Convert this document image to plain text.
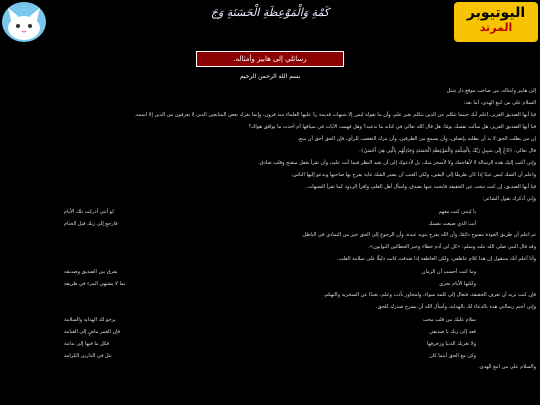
كَمْةِ وَالْمَوْعِظَةِ الْحَسَنَةِ وَجَ	اليوتيوبر
المرتد
رسائلي إلى هابيز وأمثاله.
بسم الله الرحمن الرحيم

إلى هابيز وأمثاله، من صاحب موقع دار شئل

السلام على من اتبع الهدى، أما بعد:

فيا أيها الصديق العزيز، اعلم أنك حينما تتكلم عن الدين تتكلم بغير علم، وأن ما تقوله ليس إلا شبهات قديمة ردّ عليها العلماء منذ قرون، وإنما يغرك بعض المتابعين الذين لا يعرفون من الدين إلا اسمه.

فيا أيها الصديق العزيز، هل سألت نفسك يومًا: هل قال الله تعالى في كتابه ما تدعيه؟ وهل فهمت الآيات في سياقها أم أخذت ما يوافق هواك؟

إن من يطلب الحق لا بد أن يطلبه بإنصاف، وأن يسمع من الطرفين، وأن يترك التعصب للرأي، فإن الحق أحق أن يتبع.

قال تعالى: ﴿ادْعُ إِلَى سَبِيلِ رَبِّكَ بِالْحِكْمَةِ وَالْمَوْعِظَةِ الْحَسَنَةِ وَجَادِلْهُم بِالَّتِي هِيَ أَحْسَنُ﴾.

وإني أكتب إليك هذه الرسالة لا لأهاجمك ولا لأسخر منك، بل لأدعوك إلى أن تعيد النظر فيما أنت عليه، وأن تقرأ بعقل منفتح وقلب صادق.

واعلم أن الشك ليس عيبًا إذا كان طريقًا إلى اليقين، ولكن العيب أن يصير الشك غاية يفرح بها صاحبها ويدعو إليها الناس.

فيا أيها الصديق، إن كنت تبحث عن الحقيقة فابحث عنها بصدق، واسأل أهل العلم، واقرأ الردود كما تقرأ الشبهات.

وإني أذكرك بقول الشاعر:

يا ليتني كنت معهم
لو أنني أدركت تلك الأيام
أنت الذي ضيعت نفسك
فارجع إلى ربك قبل الختام

ثم اعلم أن طريق العودة مفتوح دائمًا، وأن الله يفرح بتوبة عبده، وأن الرجوع إلى الحق خير من التمادي في الباطل.

وقد قال النبي صلى الله عليه وسلم: «كل ابن آدم خطاء وخير الخطائين التوابون».

وأنا أعلم أنك ستقول إن هذا كلام عاطفي، ولكن العاطفة إذا صدقت كانت دليلًا على سلامة القلب.

وما كنت أحسب أن الزمان
يفرق بين الصديق وصديقه
ولكنها الأيام تجري
بما لا يشتهي المرء في طريقه

فإن كنت تريد أن تعرف الحقيقة، فتعال إلى كلمة سواء، ولنتحاور بأدب وعلم، بعيدًا عن السخرية والتهكم.

وإني أختم رسالتي هذه بالدعاء لك بالهداية، وأسأل الله أن يشرح صدرك للحق.

سلام عليك من قلب محب
يرجو لك الهداية والسلامة
فعد إلى ربك يا صديقي
فإن العمر ماضٍ إلى القيامة
ولا تغرنك الدنيا وزخرفها
فكل ما فيها إلى ندامة
وكن مع الحق أينما كان
تنل في الدارين الكرامة

والسلام على من اتبع الهدى.
